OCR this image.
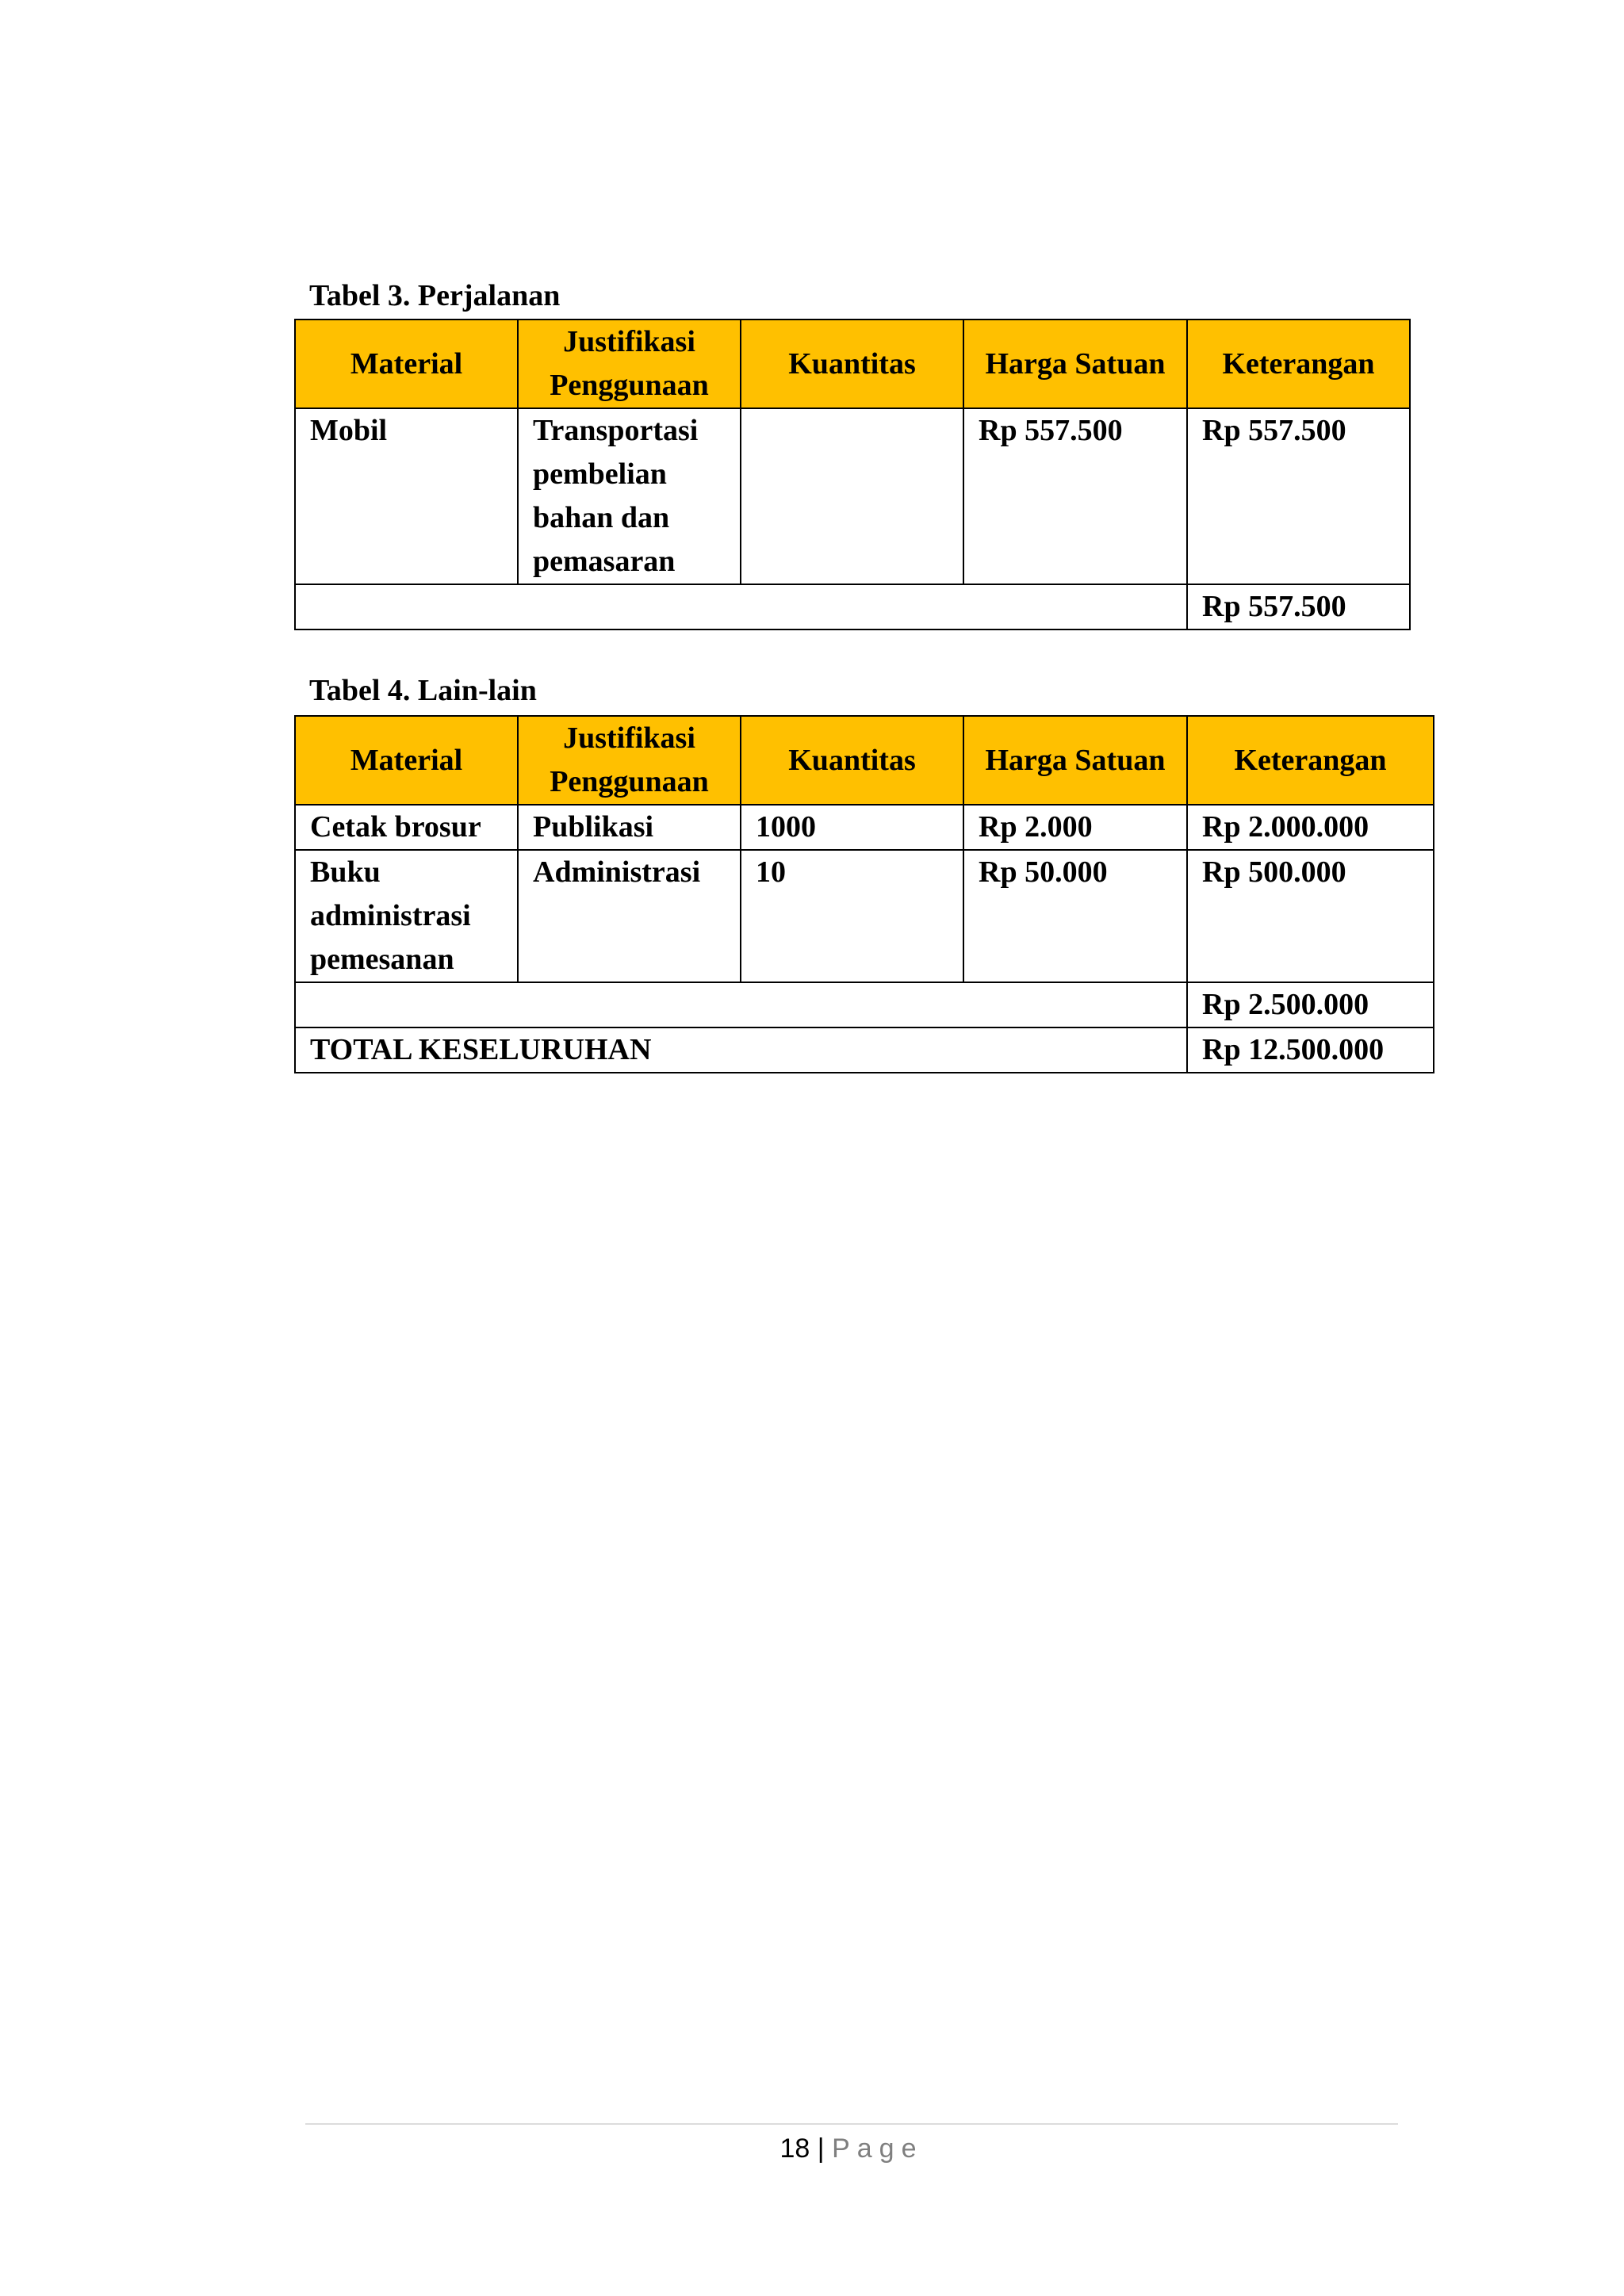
Tabel 3. Perjalanan
Material	Justifikasi Penggunaan	Kuantitas	Harga Satuan	Keterangan
Mobil	Transportasi pembelian bahan dan pemasaran		Rp 557.500	Rp 557.500
				Rp 557.500
Tabel 4. Lain-lain
Material	Justifikasi Penggunaan	Kuantitas	Harga Satuan	Keterangan
Cetak brosur	Publikasi	1000	Rp 2.000	Rp 2.000.000
Buku administrasi pemesanan	Administrasi	10	Rp 50.000	Rp 500.000
				Rp 2.500.000
TOTAL KESELURUHAN				Rp 12.500.000
18 | Page
